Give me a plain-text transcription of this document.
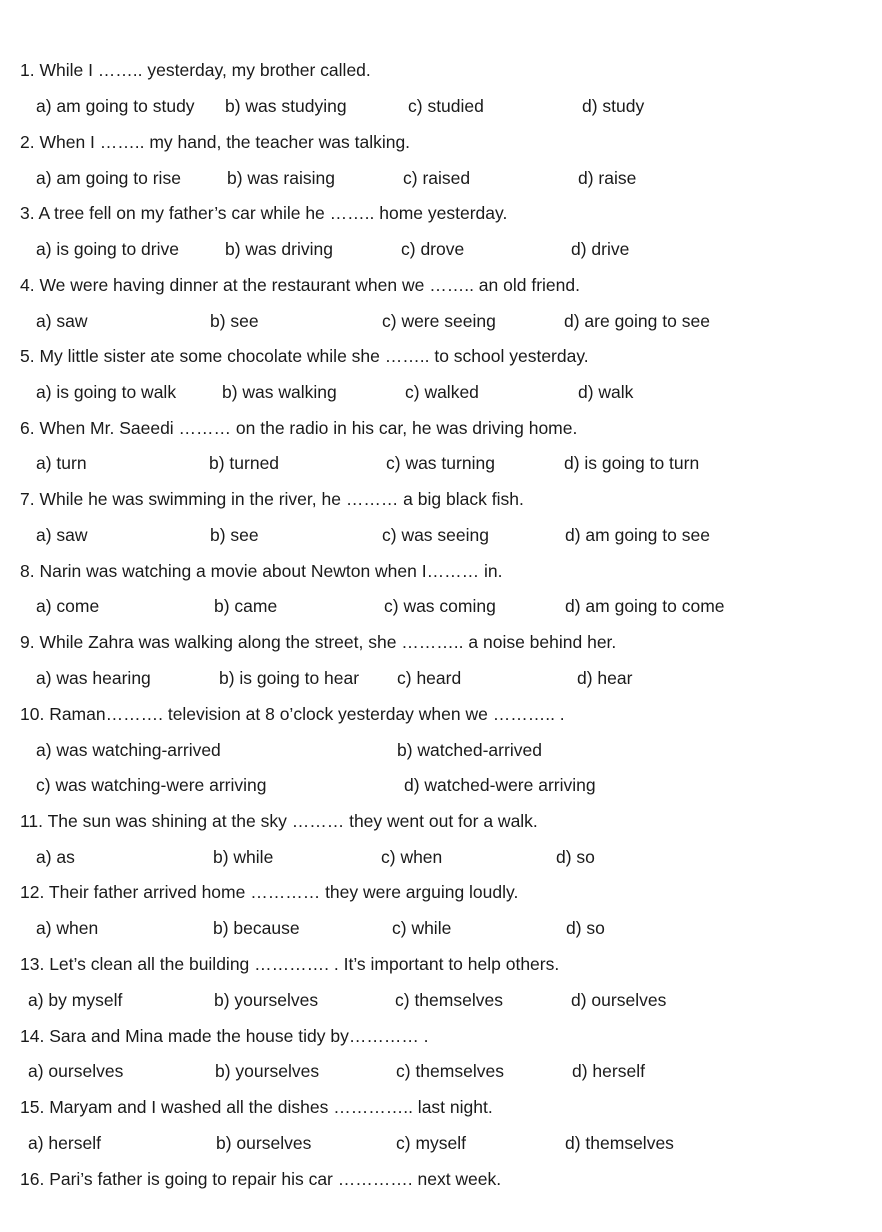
1. While I …….. yesterday, my brother called.
a) am going to study b) was studying	c) studied	d) study
2. When I …….. my hand, the teacher was talking.
a) am going to rise	b) was raising	c) raised	d) raise
3. A tree fell on my father’s car while he …….. home yesterday.
a) is going to drive	b) was driving	c) drove	d) drive
4. We were having dinner at the restaurant when we …….. an old friend.
a) saw	b) see	c) were seeing	d) are going to see
5. My little sister ate some chocolate while she …….. to school yesterday.
a) is going to walk	b) was walking	c) walked	d) walk
6. When Mr. Saeedi ……… on the radio in his car, he was driving home.
a) turn	b) turned	c) was turning	d) is going to turn
7. While he was swimming in the river, he ……… a big black fish.
a) saw	b) see	c) was seeing	d) am going to see
8. Narin was watching a movie about Newton when I……… in.
a) come	b) came	c) was coming	d) am going to come
9. While Zahra was walking along the street, she ……….. a noise behind her.
a) was hearing	b) is going to hear c) heard	d) hear
10. Raman………. television at 8 o’clock yesterday when we ……….. .
a) was watching-arrived	b) watched-arrived
c) was watching-were arriving	d) watched-were arriving
11. The sun was shining at the sky ……… they went out for a walk.
a) as	b) while	c) when	d) so
12. Their father arrived home ………… they were arguing loudly.
a) when	b) because	c) while	d) so
13. Let’s clean all the building …………. . It’s important to help others.
a) by myself	b) yourselves	c) themselves	d) ourselves
14. Sara and Mina made the house tidy by………… .
a) ourselves	b) yourselves	c) themselves	d) herself
15. Maryam and I washed all the dishes ………….. last night.
a) herself	b) ourselves	c) myself	d) themselves
16. Pari’s father is going to repair his car …………. next week.
